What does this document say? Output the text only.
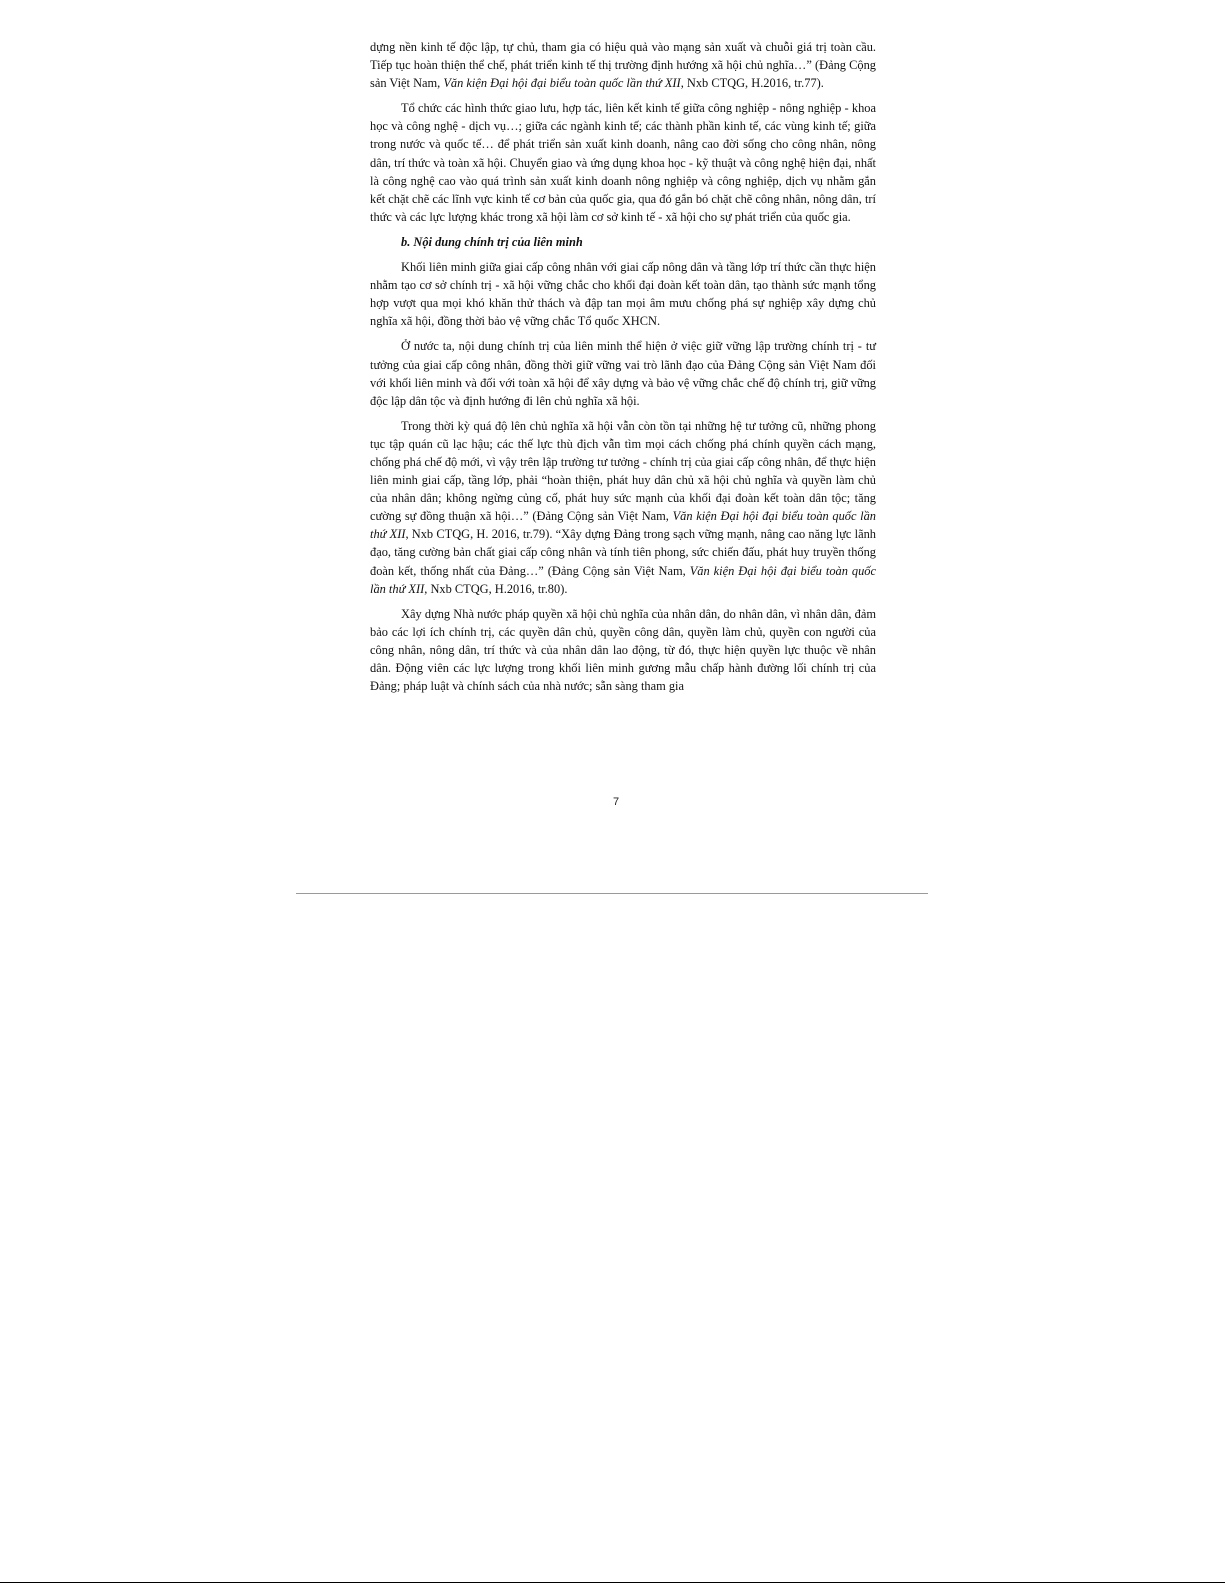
dựng nền kinh tế độc lập, tự chủ, tham gia có hiệu quả vào mạng sản xuất và chuỗi giá trị toàn cầu. Tiếp tục hoàn thiện thể chế, phát triển kinh tế thị trường định hướng xã hội chủ nghĩa…” (Đảng Cộng sản Việt Nam, Văn kiện Đại hội đại biểu toàn quốc lần thứ XII, Nxb CTQG, H.2016, tr.77).

Tổ chức các hình thức giao lưu, hợp tác, liên kết kinh tế giữa công nghiệp - nông nghiệp - khoa học và công nghệ - dịch vụ…; giữa các ngành kinh tế; các thành phần kinh tế, các vùng kinh tế; giữa trong nước và quốc tế… để phát triển sản xuất kinh doanh, nâng cao đời sống cho công nhân, nông dân, trí thức và toàn xã hội. Chuyển giao và ứng dụng khoa học - kỹ thuật và công nghệ hiện đại, nhất là công nghệ cao vào quá trình sản xuất kinh doanh nông nghiệp và công nghiệp, dịch vụ nhằm gắn kết chặt chẽ các lĩnh vực kinh tế cơ bản của quốc gia, qua đó gắn bó chặt chẽ công nhân, nông dân, trí thức và các lực lượng khác trong xã hội làm cơ sở kinh tế - xã hội cho sự phát triển của quốc gia.

b. Nội dung chính trị của liên minh

Khối liên minh giữa giai cấp công nhân với giai cấp nông dân và tầng lớp trí thức cần thực hiện nhằm tạo cơ sở chính trị - xã hội vững chắc cho khối đại đoàn kết toàn dân, tạo thành sức mạnh tổng hợp vượt qua mọi khó khăn thử thách và đập tan mọi âm mưu chống phá sự nghiệp xây dựng chủ nghĩa xã hội, đồng thời bảo vệ vững chắc Tổ quốc XHCN.

Ở nước ta, nội dung chính trị của liên minh thể hiện ở việc giữ vững lập trường chính trị - tư tưởng của giai cấp công nhân, đồng thời giữ vững vai trò lãnh đạo của Đảng Cộng sản Việt Nam đối với khối liên minh và đối với toàn xã hội để xây dựng và bảo vệ vững chắc chế độ chính trị, giữ vững độc lập dân tộc và định hướng đi lên chủ nghĩa xã hội.

Trong thời kỳ quá độ lên chủ nghĩa xã hội vẫn còn tồn tại những hệ tư tưởng cũ, những phong tục tập quán cũ lạc hậu; các thế lực thù địch vẫn tìm mọi cách chống phá chính quyền cách mạng, chống phá chế độ mới, vì vậy trên lập trường tư tưởng - chính trị của giai cấp công nhân, để thực hiện liên minh giai cấp, tầng lớp, phải “hoàn thiện, phát huy dân chủ xã hội chủ nghĩa và quyền làm chủ của nhân dân; không ngừng củng cố, phát huy sức mạnh của khối đại đoàn kết toàn dân tộc; tăng cường sự đồng thuận xã hội…” (Đảng Cộng sản Việt Nam, Văn kiện Đại hội đại biểu toàn quốc lần thứ XII, Nxb CTQG, H. 2016, tr.79). “Xây dựng Đảng trong sạch vững mạnh, nâng cao năng lực lãnh đạo, tăng cường bản chất giai cấp công nhân và tính tiên phong, sức chiến đấu, phát huy truyền thống đoàn kết, thống nhất của Đảng…” (Đảng Cộng sản Việt Nam, Văn kiện Đại hội đại biểu toàn quốc lần thứ XII, Nxb CTQG, H.2016, tr.80).

Xây dựng Nhà nước pháp quyền xã hội chủ nghĩa của nhân dân, do nhân dân, vì nhân dân, đảm bảo các lợi ích chính trị, các quyền dân chủ, quyền công dân, quyền làm chủ, quyền con người của công nhân, nông dân, trí thức và của nhân dân lao động, từ đó, thực hiện quyền lực thuộc về nhân dân. Động viên các lực lượng trong khối liên minh gương mẫu chấp hành đường lối chính trị của Đảng; pháp luật và chính sách của nhà nước; sẵn sàng tham gia

7
